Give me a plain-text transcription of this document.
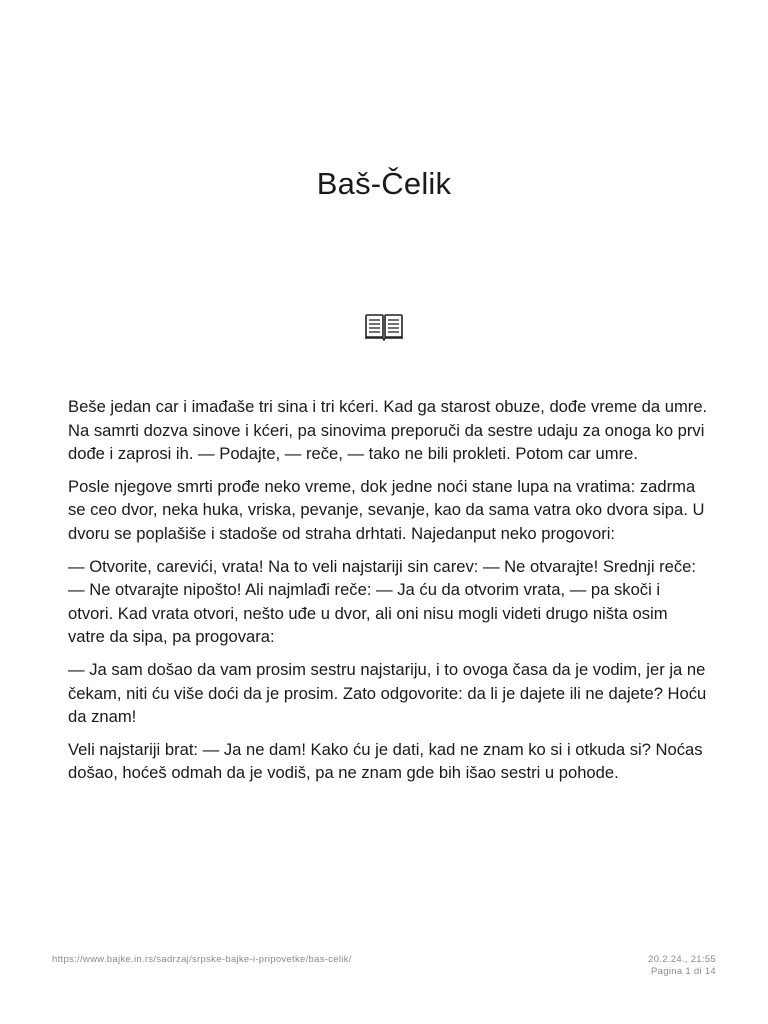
Baš-Čelik

Beše jedan car i imađaše tri sina i tri kćeri. Kad ga starost obuze, dođe vreme da umre. Na samrti dozva sinove i kćeri, pa sinovima preporuči da sestre udaju za onoga ko prvi dođe i zaprosi ih. — Podajte, — reče, — tako ne bili prokleti. Potom car umre.

Posle njegove smrti prođe neko vreme, dok jedne noći stane lupa na vratima: zadrma se ceo dvor, neka huka, vriska, pevanje, sevanje, kao da sama vatra oko dvora sipa. U dvoru se poplašiše i stadoše od straha drhtati. Najedanput neko progovori:

— Otvorite, carevići, vrata! Na to veli najstariji sin carev: — Ne otvarajte! Srednji reče: — Ne otvarajte nipošto! Ali najmlađi reče: — Ja ću da otvorim vrata, — pa skoči i otvori. Kad vrata otvori, nešto uđe u dvor, ali oni nisu mogli videti drugo ništa osim vatre da sipa, pa progovara:

— Ja sam došao da vam prosim sestru najstariju, i to ovoga časa da je vodim, jer ja ne čekam, niti ću više doći da je prosim. Zato odgovorite: da li je dajete ili ne dajete? Hoću da znam!

Veli najstariji brat: — Ja ne dam! Kako ću je dati, kad ne znam ko si i otkuda si? Noćas došao, hoćeš odmah da je vodiš, pa ne znam gde bih išao sestri u pohode.

https://www.bajke.in.rs/sadrzaj/srpske-bajke-i-pripovetke/bas-celik/	20.2.24., 21:55
Pagina 1 di 14
